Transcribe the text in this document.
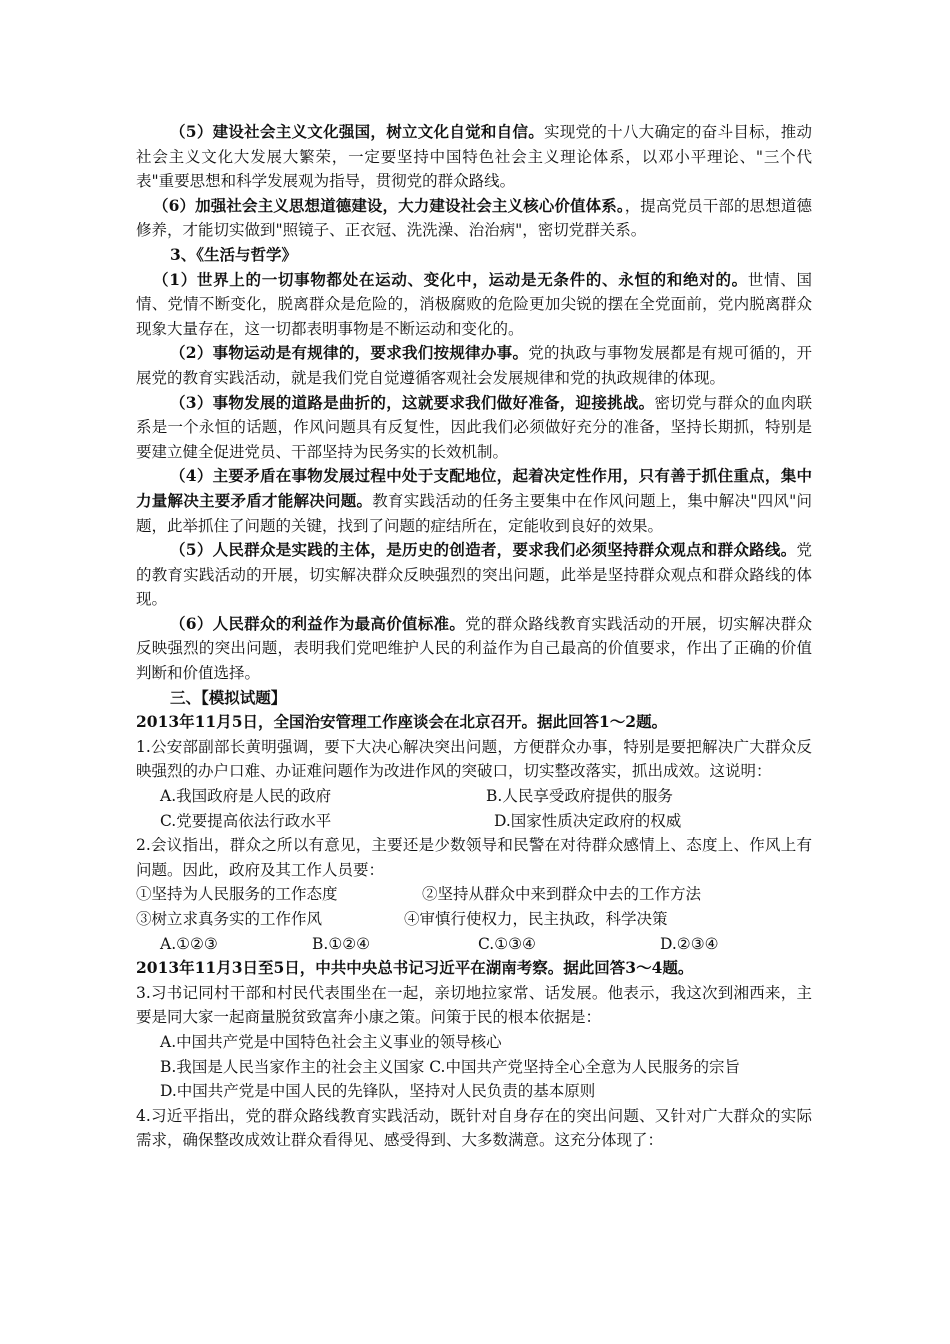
（5）建设社会主义文化强国，树立文化自觉和自信。实现党的十八大确定的奋斗目标，推动社会主义文化大发展大繁荣，一定要坚持中国特色社会主义理论体系，以邓小平理论、"三个代表"重要思想和科学发展观为指导，贯彻党的群众路线。

（6）加强社会主义思想道德建设，大力建设社会主义核心价值体系。，提高党员干部的思想道德修养，才能切实做到"照镜子、正衣冠、洗洗澡、治治病"，密切党群关系。

3、《生活与哲学》

（1）世界上的一切事物都处在运动、变化中，运动是无条件的、永恒的和绝对的。世情、国情、党情不断变化，脱离群众是危险的，消极腐败的危险更加尖锐的摆在全党面前，党内脱离群众现象大量存在，这一切都表明事物是不断运动和变化的。

（2）事物运动是有规律的，要求我们按规律办事。党的执政与事物发展都是有规可循的，开展党的教育实践活动，就是我们党自觉遵循客观社会发展规律和党的执政规律的体现。

（3）事物发展的道路是曲折的，这就要求我们做好准备，迎接挑战。密切党与群众的血肉联系是一个永恒的话题，作风问题具有反复性，因此我们必须做好充分的准备，坚持长期抓，特别是要建立健全促进党员、干部坚持为民务实的长效机制。

（4）主要矛盾在事物发展过程中处于支配地位，起着决定性作用，只有善于抓住重点，集中力量解决主要矛盾才能解决问题。教育实践活动的任务主要集中在作风问题上，集中解决"四风"问题，此举抓住了问题的关键，找到了问题的症结所在，定能收到良好的效果。

（5）人民群众是实践的主体，是历史的创造者，要求我们必须坚持群众观点和群众路线。党的教育实践活动的开展，切实解决群众反映强烈的突出问题，此举是坚持群众观点和群众路线的体现。

（6）人民群众的利益作为最高价值标准。党的群众路线教育实践活动的开展，切实解决群众反映强烈的突出问题，表明我们党吧维护人民的利益作为自己最高的价值要求，作出了正确的价值判断和价值选择。

三、【模拟试题】

2013年11月5日，全国治安管理工作座谈会在北京召开。据此回答1～2题。

1.公安部副部长黄明强调，要下大决心解决突出问题，方便群众办事，特别是要把解决广大群众反映强烈的办户口难、办证难问题作为改进作风的突破口，切实整改落实，抓出成效。这说明：

A.我国政府是人民的政府	B.人民享受政府提供的服务
C.党要提高依法行政水平	D.国家性质决定政府的权威

2.会议指出，群众之所以有意见，主要还是少数领导和民警在对待群众感情上、态度上、作风上有问题。因此，政府及其工作人员要：

①坚持为人民服务的工作态度	②坚持从群众中来到群众中去的工作方法
③树立求真务实的工作作风	④审慎行使权力，民主执政，科学决策
A.①②③	B.①②④	C.①③④	D.②③④

2013年11月3日至5日，中共中央总书记习近平在湖南考察。据此回答3～4题。

3.习书记同村干部和村民代表围坐在一起，亲切地拉家常、话发展。他表示，我这次到湘西来，主要是同大家一起商量脱贫致富奔小康之策。问策于民的根本依据是：

A.中国共产党是中国特色社会主义事业的领导核心

B.我国是人民当家作主的社会主义国家 C.中国共产党坚持全心全意为人民服务的宗旨

D.中国共产党是中国人民的先锋队，坚持对人民负责的基本原则

4.习近平指出，党的群众路线教育实践活动，既针对自身存在的突出问题、又针对广大群众的实际需求，确保整改成效让群众看得见、感受得到、大多数满意。这充分体现了：
